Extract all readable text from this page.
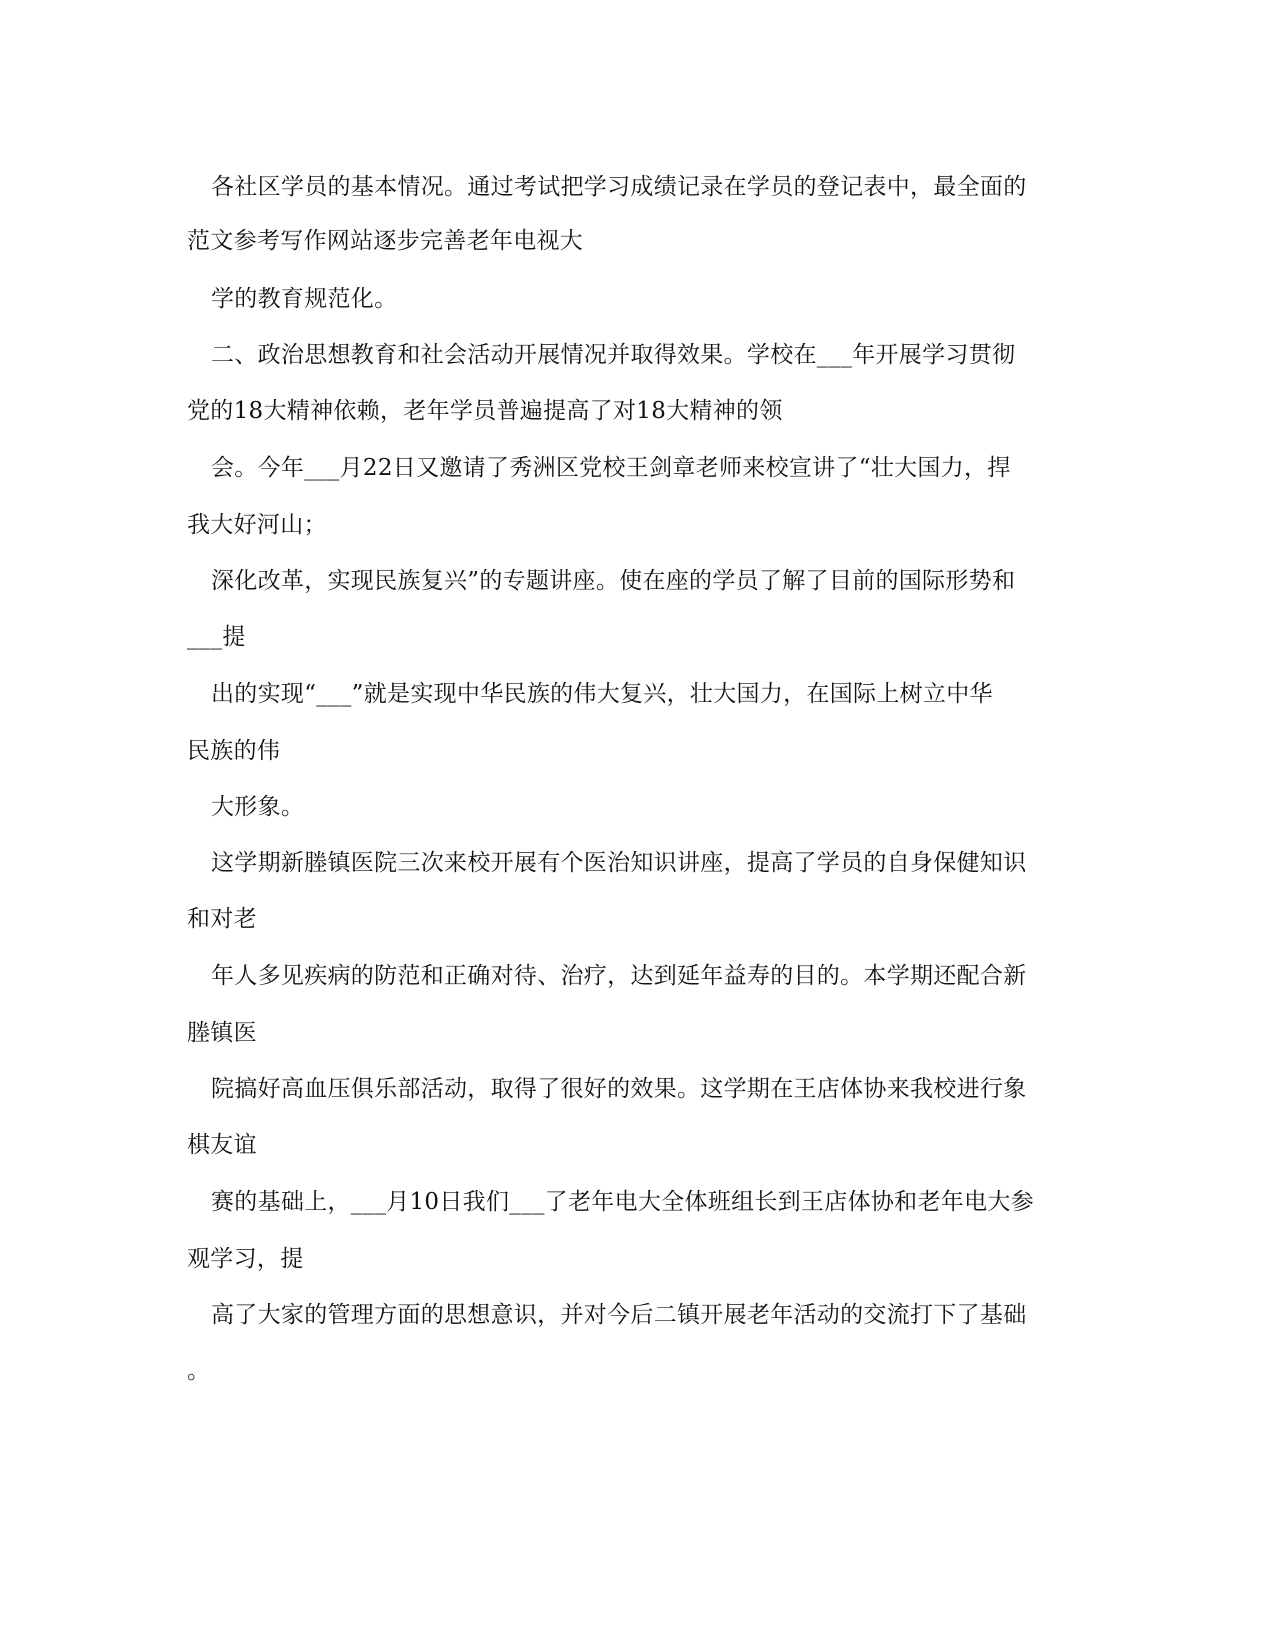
各社区学员的基本情况。通过考试把学习成绩记录在学员的登记表中，最全面的
范文参考写作网站逐步完善老年电视大
学的教育规范化。
二、政治思想教育和社会活动开展情况并取得效果。学校在___年开展学习贯彻
党的18大精神依赖，老年学员普遍提高了对18大精神的领
会。今年___月22日又邀请了秀洲区党校王剑章老师来校宣讲了“壮大国力，捍
我大好河山；
深化改革，实现民族复兴”的专题讲座。使在座的学员了解了目前的国际形势和
___提
出的实现“___”就是实现中华民族的伟大复兴，壮大国力，在国际上树立中华
民族的伟
大形象。
这学期新塍镇医院三次来校开展有个医治知识讲座，提高了学员的自身保健知识
和对老
年人多见疾病的防范和正确对待、治疗，达到延年益寿的目的。本学期还配合新
塍镇医
院搞好高血压俱乐部活动，取得了很好的效果。这学期在王店体协来我校进行象
棋友谊
赛的基础上，___月10日我们___了老年电大全体班组长到王店体协和老年电大参
观学习，提
高了大家的管理方面的思想意识，并对今后二镇开展老年活动的交流打下了基础
。
